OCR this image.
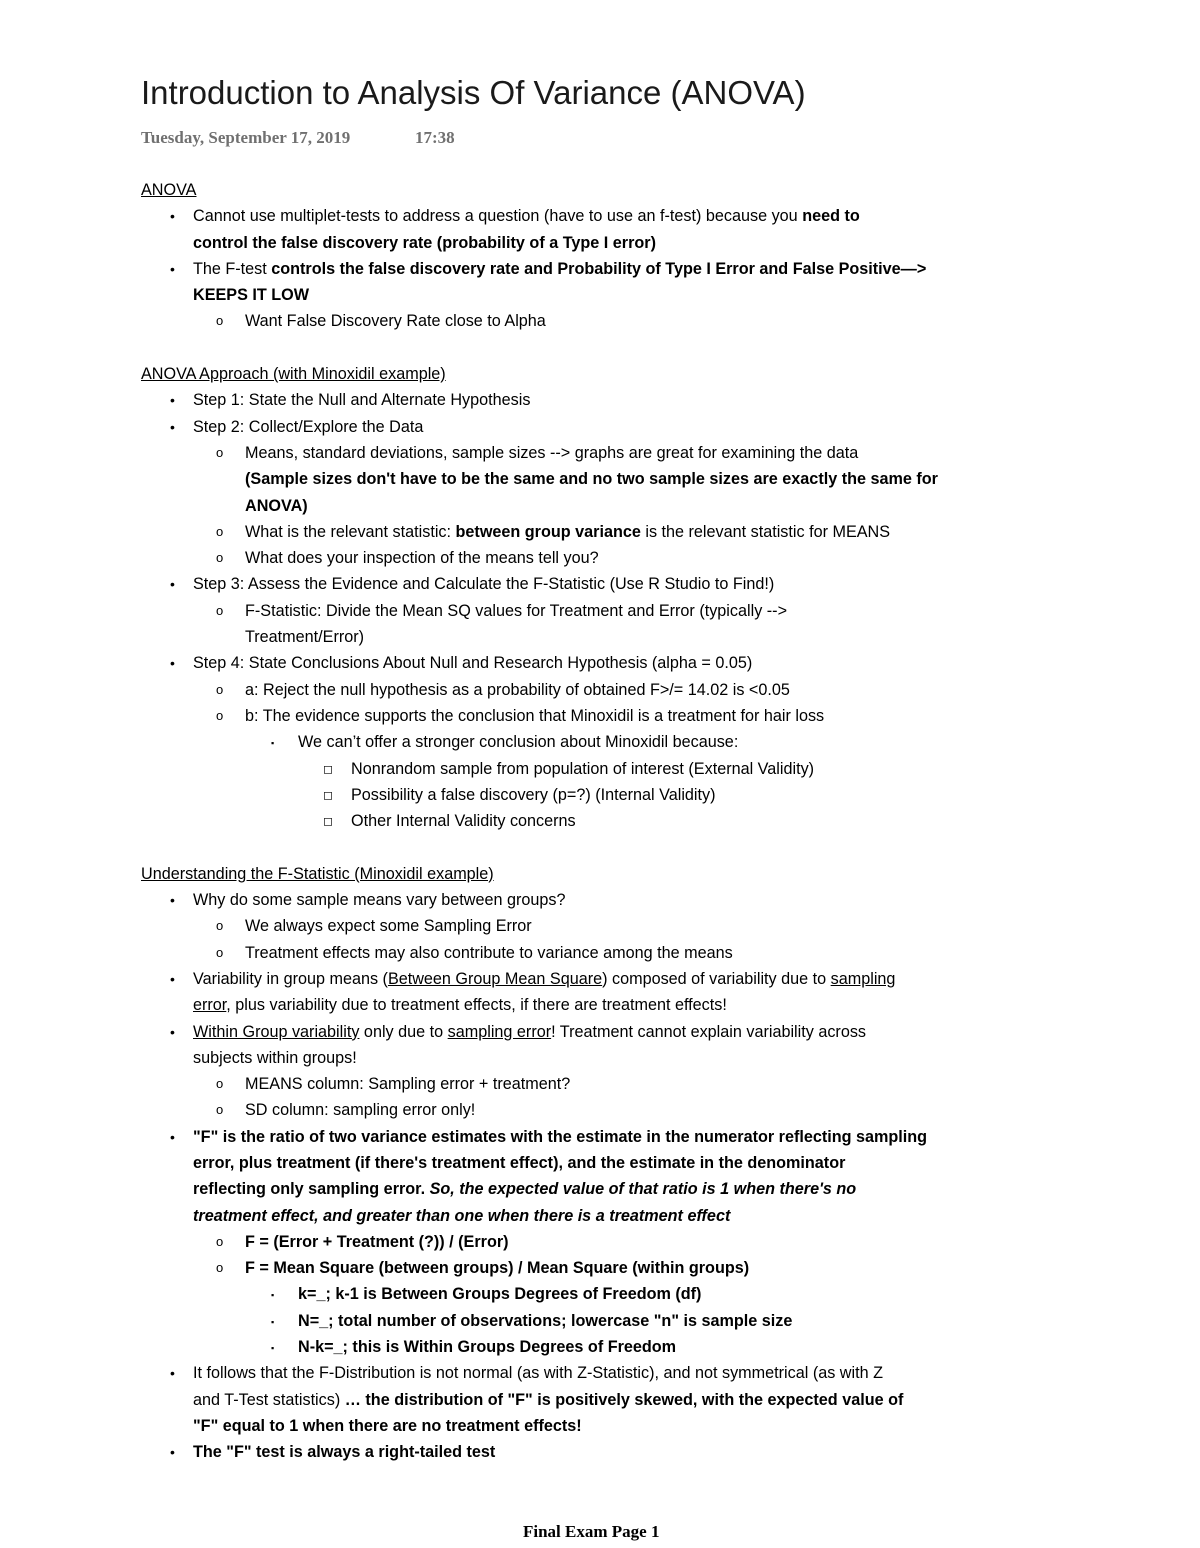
Introduction to Analysis Of Variance (ANOVA)
Tuesday, September 17, 2019	17:38
ANOVA
• Cannot use multiplet-tests to address a question (have to use an f-test) because you need to
control the false discovery rate (probability of a Type I error)
• The F-test controls the false discovery rate and Probability of Type I Error and False Positive—>
KEEPS IT LOW
o Want False Discovery Rate close to Alpha
ANOVA Approach (with Minoxidil example)
• Step 1: State the Null and Alternate Hypothesis
• Step 2: Collect/Explore the Data
o Means, standard deviations, sample sizes --> graphs are great for examining the data
(Sample sizes don't have to be the same and no two sample sizes are exactly the same for
ANOVA)
o What is the relevant statistic: between group variance is the relevant statistic for MEANS
o What does your inspection of the means tell you?
• Step 3: Assess the Evidence and Calculate the F-Statistic (Use R Studio to Find!)
o F-Statistic: Divide the Mean SQ values for Treatment and Error (typically -->
Treatment/Error)
• Step 4: State Conclusions About Null and Research Hypothesis (alpha = 0.05)
o a: Reject the null hypothesis as a probability of obtained F>/= 14.02 is <0.05
o b: The evidence supports the conclusion that Minoxidil is a treatment for hair loss
▪ We can’t offer a stronger conclusion about Minoxidil because:
◻ Nonrandom sample from population of interest (External Validity)
◻ Possibility a false discovery (p=?) (Internal Validity)
◻ Other Internal Validity concerns
Understanding the F-Statistic (Minoxidil example)
• Why do some sample means vary between groups?
o We always expect some Sampling Error
o Treatment effects may also contribute to variance among the means
• Variability in group means (Between Group Mean Square) composed of variability due to sampling
error, plus variability due to treatment effects, if there are treatment effects!
• Within Group variability only due to sampling error! Treatment cannot explain variability across
subjects within groups!
o MEANS column: Sampling error + treatment?
o SD column: sampling error only!
• "F" is the ratio of two variance estimates with the estimate in the numerator reflecting sampling
error, plus treatment (if there's treatment effect), and the estimate in the denominator
reflecting only sampling error. So, the expected value of that ratio is 1 when there's no
treatment effect, and greater than one when there is a treatment effect
o F = (Error + Treatment (?)) / (Error)
o F = Mean Square (between groups) / Mean Square (within groups)
▪ k=_; k-1 is Between Groups Degrees of Freedom (df)
▪ N=_; total number of observations; lowercase "n" is sample size
▪ N-k=_; this is Within Groups Degrees of Freedom
• It follows that the F-Distribution is not normal (as with Z-Statistic), and not symmetrical (as with Z
and T-Test statistics) … the distribution of "F" is positively skewed, with the expected value of
"F" equal to 1 when there are no treatment effects!
• The "F" test is always a right-tailed test
Final Exam Page 1
